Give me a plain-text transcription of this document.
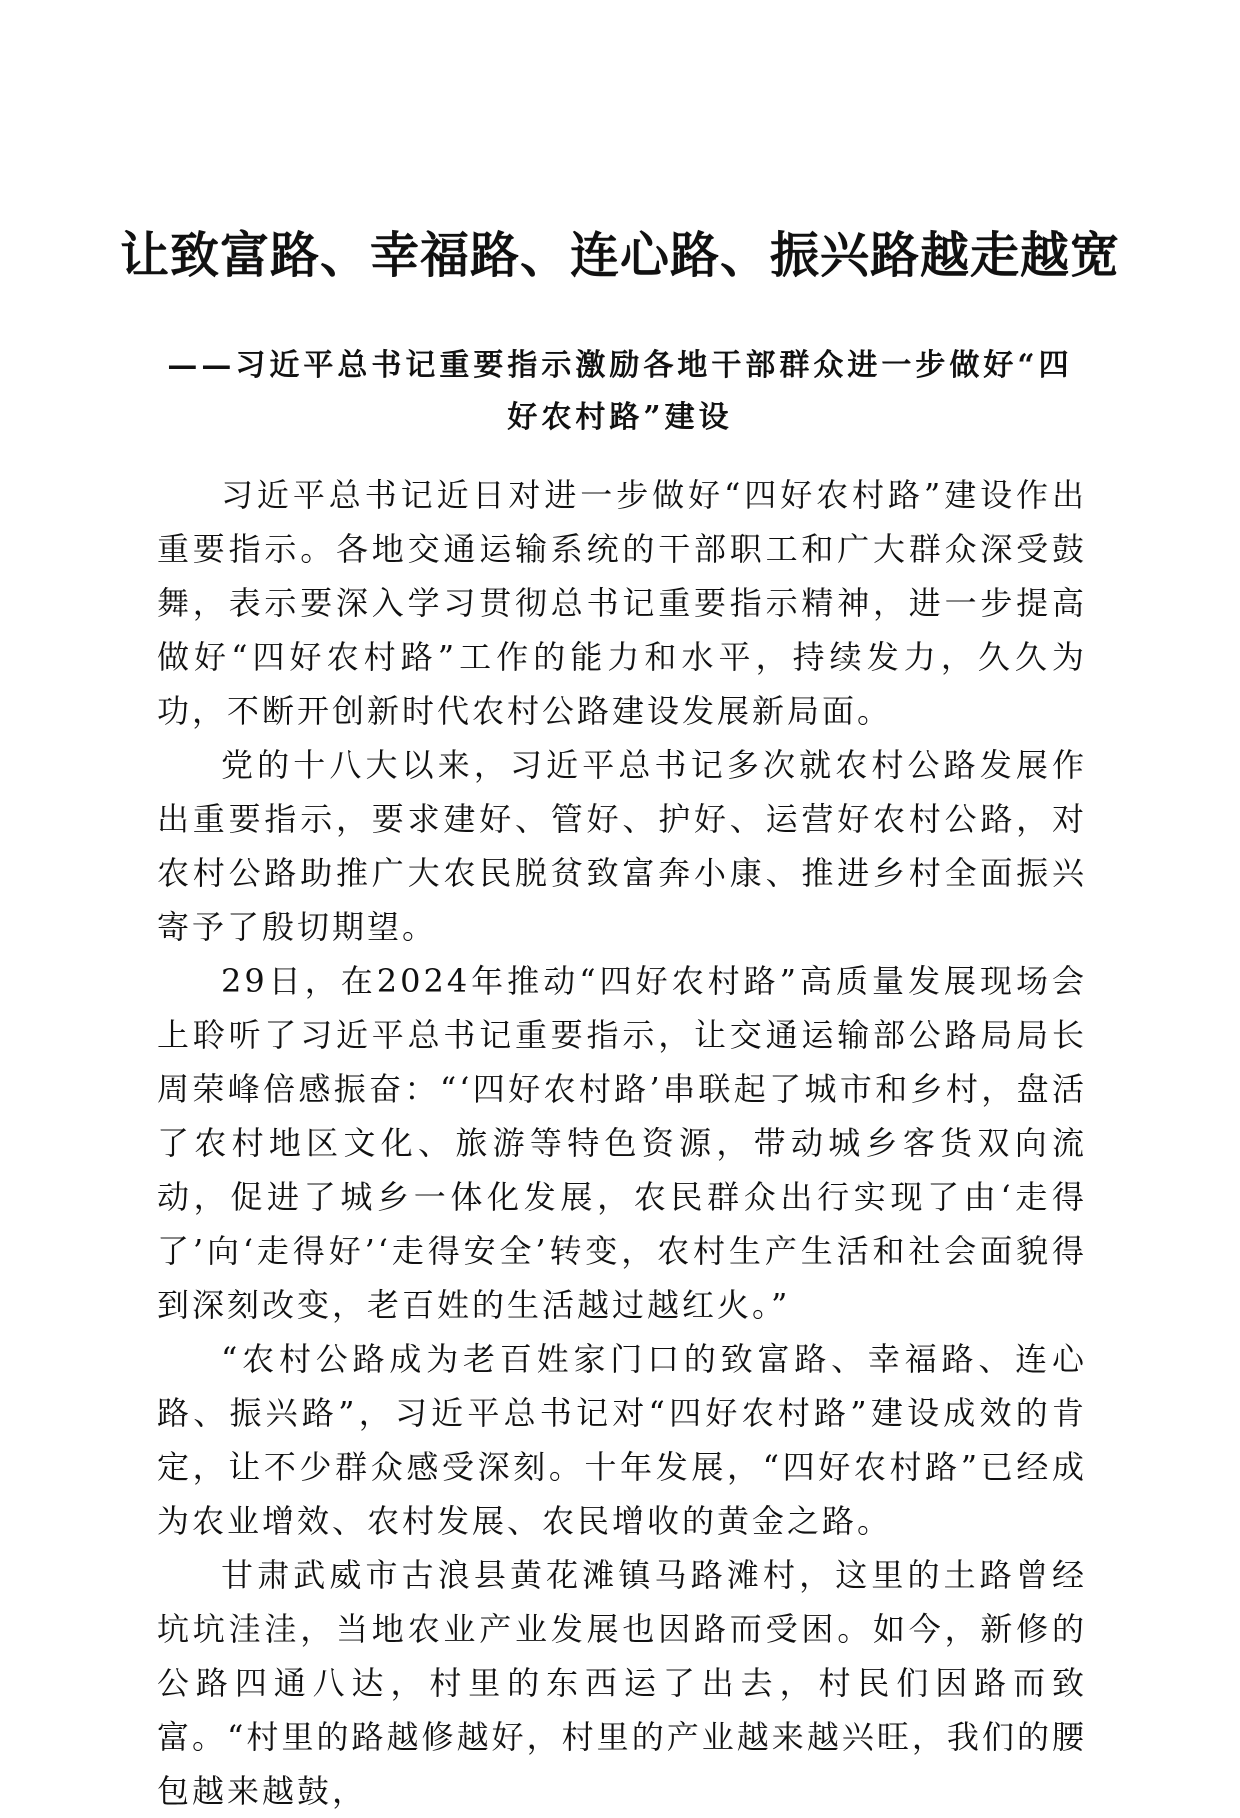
让致富路、幸福路、连心路、振兴路越走越宽
——习近平总书记重要指示激励各地干部群众进一步做好“四好农村路”建设

习近平总书记近日对进一步做好“四好农村路”建设作出重要指示。各地交通运输系统的干部职工和广大群众深受鼓舞，表示要深入学习贯彻总书记重要指示精神，进一步提高做好“四好农村路”工作的能力和水平，持续发力，久久为功，不断开创新时代农村公路建设发展新局面。

党的十八大以来，习近平总书记多次就农村公路发展作出重要指示，要求建好、管好、护好、运营好农村公路，对农村公路助推广大农民脱贫致富奔小康、推进乡村全面振兴寄予了殷切期望。

29日，在2024年推动“四好农村路”高质量发展现场会上聆听了习近平总书记重要指示，让交通运输部公路局局长周荣峰倍感振奋：“‘四好农村路’串联起了城市和乡村，盘活了农村地区文化、旅游等特色资源，带动城乡客货双向流动，促进了城乡一体化发展，农民群众出行实现了由‘走得了’向‘走得好’‘走得安全’转变，农村生产生活和社会面貌得到深刻改变，老百姓的生活越过越红火。”

“农村公路成为老百姓家门口的致富路、幸福路、连心路、振兴路”，习近平总书记对“四好农村路”建设成效的肯定，让不少群众感受深刻。十年发展，“四好农村路”已经成为农业增效、农村发展、农民增收的黄金之路。

甘肃武威市古浪县黄花滩镇马路滩村，这里的土路曾经坑坑洼洼，当地农业产业发展也因路而受困。如今，新修的公路四通八达，村里的东西运了出去，村民们因路而致富。“村里的路越修越好，村里的产业越来越兴旺，我们的腰包越来越鼓，
